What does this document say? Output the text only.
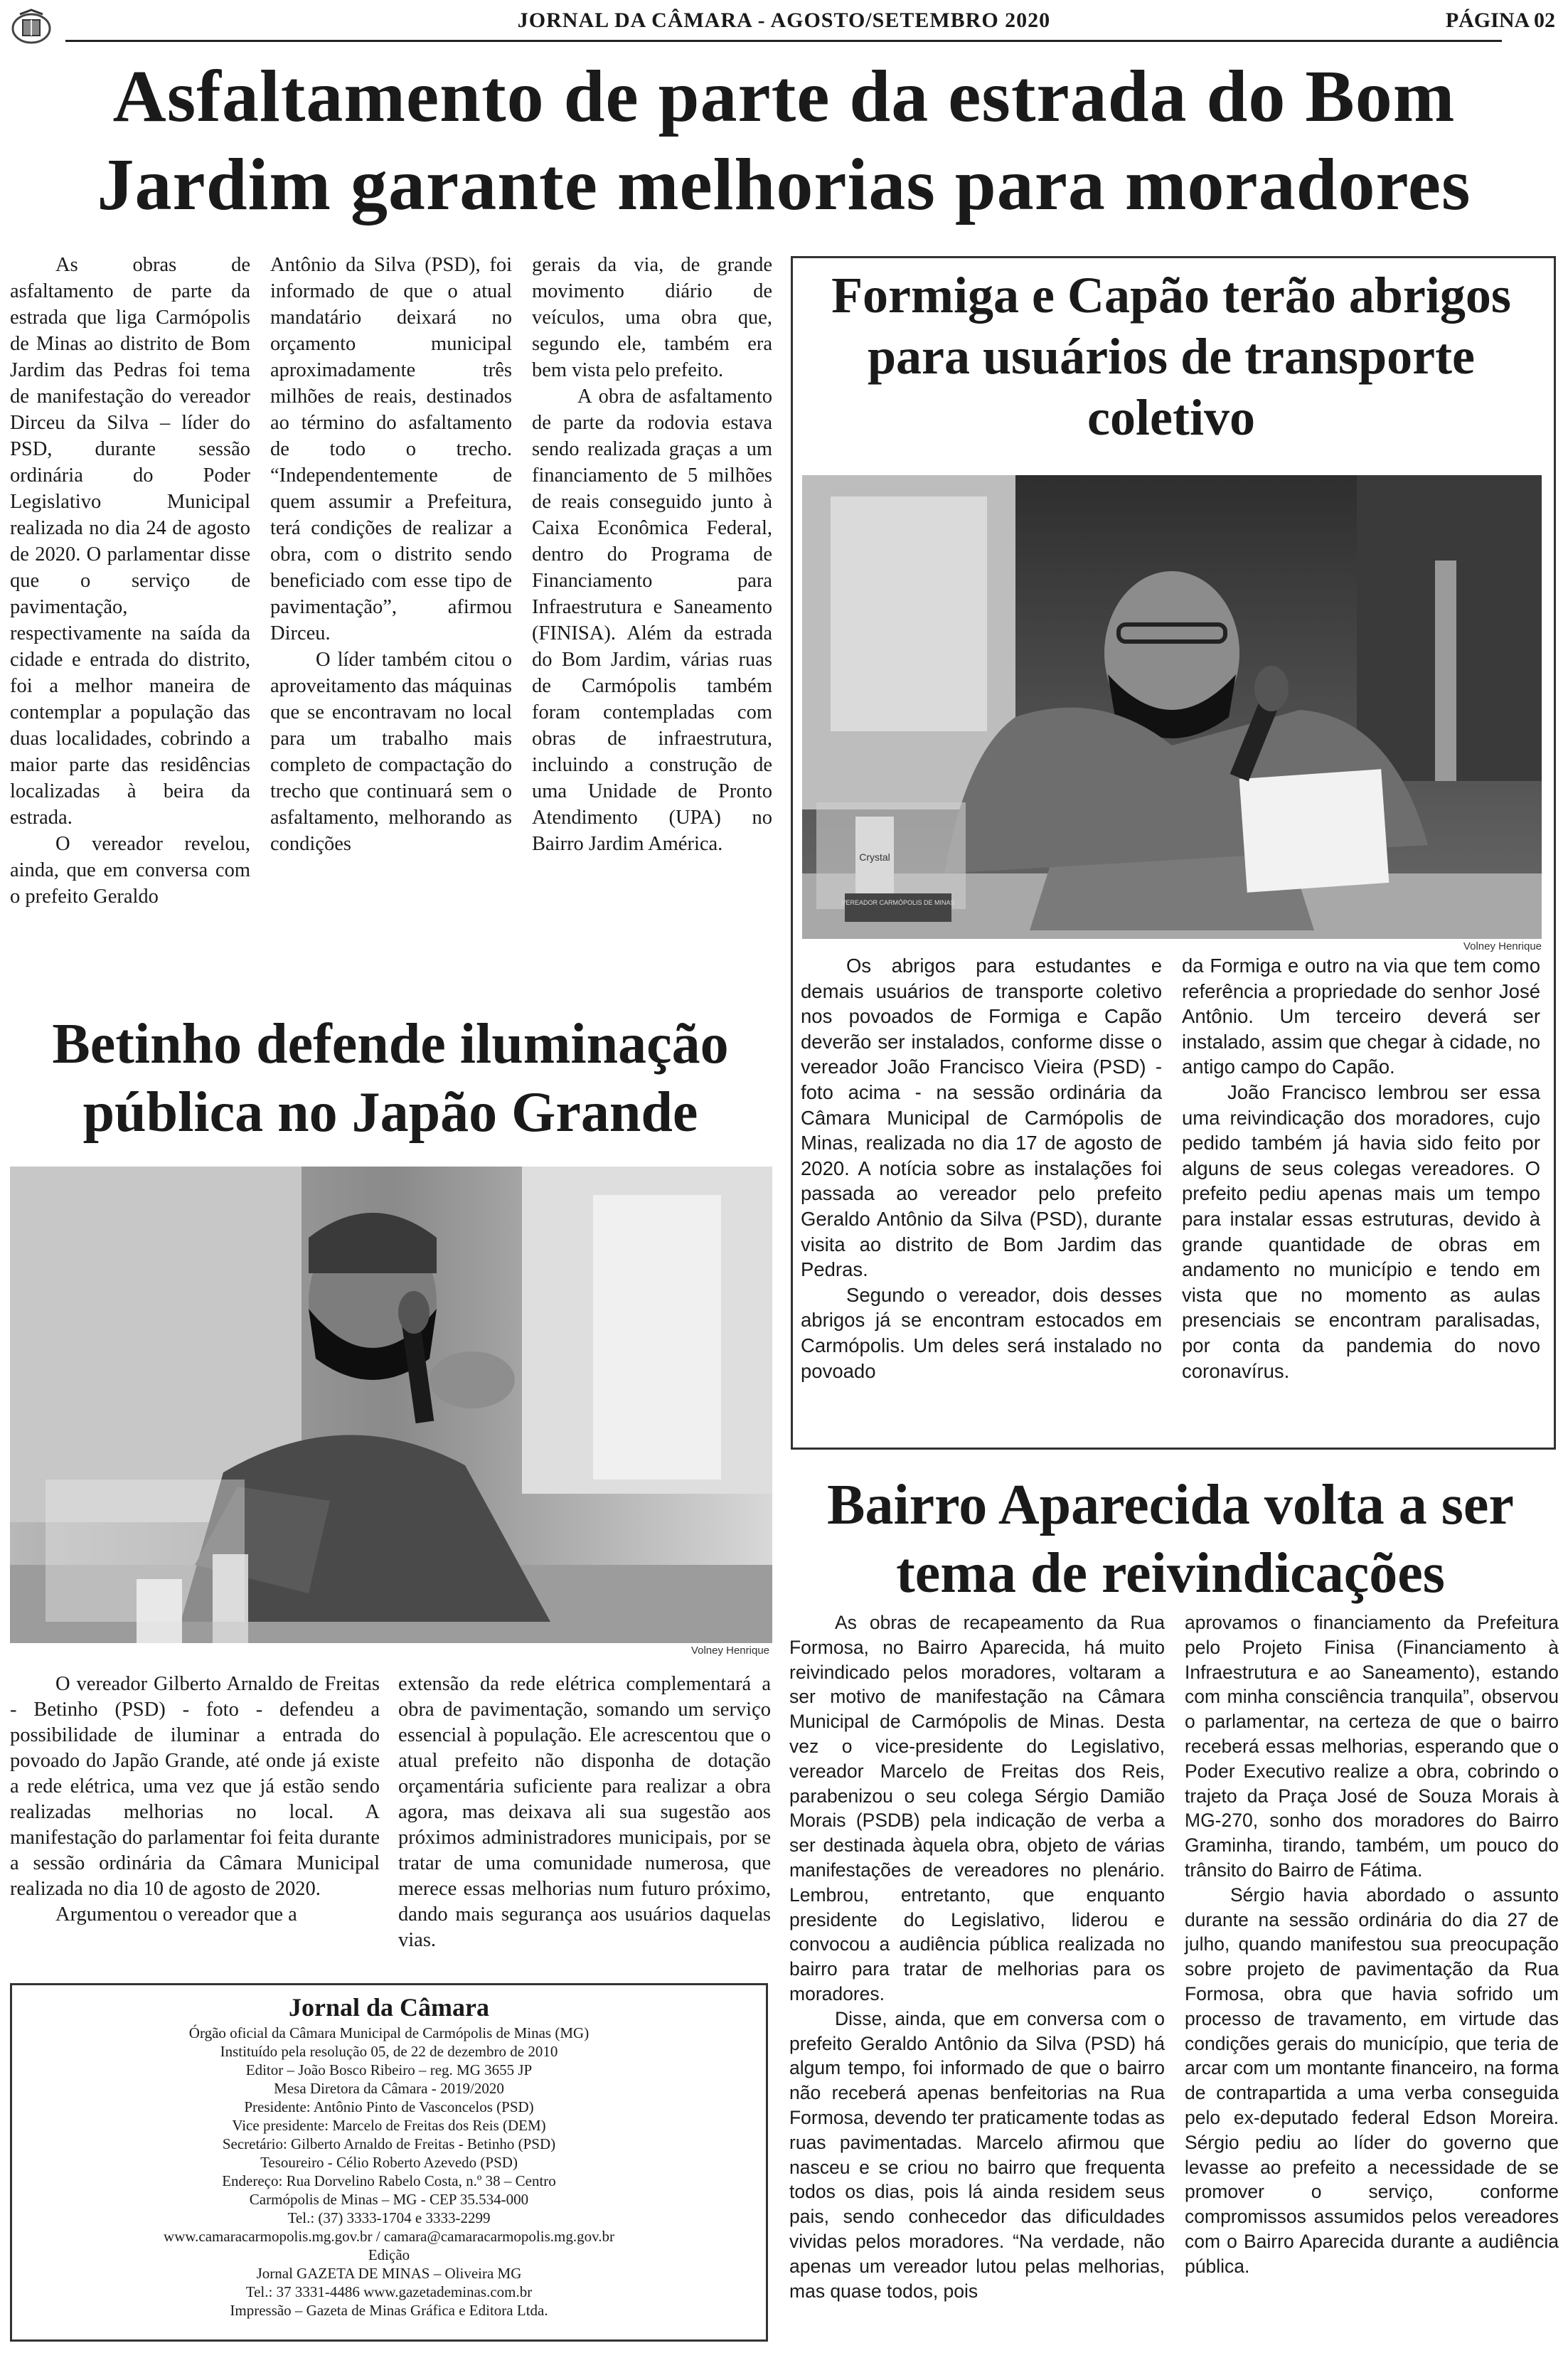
JORNAL DA CÂMARA - AGOSTO/SETEMBRO 2020	PÁGINA 02
Asfaltamento de parte da estrada do Bom Jardim garante melhorias para moradores

As obras de asfaltamento de parte da estrada que liga Carmópolis de Minas ao distrito de Bom Jardim das Pedras foi tema de manifestação do vereador Dirceu da Silva – líder do PSD, durante sessão ordinária do Poder Legislativo Municipal realizada no dia 24 de agosto de 2020. O parlamentar disse que o serviço de pavimentação, respectivamente na saída da cidade e entrada do distrito, foi a melhor maneira de contemplar a população das duas localidades, cobrindo a maior parte das residências localizadas à beira da estrada.

O vereador revelou, ainda, que em conversa com o prefeito Geraldo

Antônio da Silva (PSD), foi informado de que o atual mandatário deixará no orçamento municipal aproximadamente três milhões de reais, destinados ao término do asfaltamento de todo o trecho. “Independentemente de quem assumir a Prefeitura, terá condições de realizar a obra, com o distrito sendo beneficiado com esse tipo de pavimentação”, afirmou Dirceu.

O líder também citou o aproveitamento das máquinas que se encontravam no local para um trabalho mais completo de compactação do trecho que continuará sem o asfaltamento, melhorando as condições

gerais da via, de grande movimento diário de veículos, uma obra que, segundo ele, também era bem vista pelo prefeito.

A obra de asfaltamento de parte da rodovia estava sendo realizada graças a um financiamento de 5 milhões de reais conseguido junto à Caixa Econômica Federal, dentro do Programa de Financiamento para Infraestrutura e Saneamento (FINISA). Além da estrada do Bom Jardim, várias ruas de Carmópolis também foram contempladas com obras de infraestrutura, incluindo a construção de uma Unidade de Pronto Atendimento (UPA) no Bairro Jardim América.

Formiga e Capão terão abrigos para usuários de transporte coletivo
VEREADOR CARMÓPOLIS DE MINAS
Crystal
Volney Henrique

Os abrigos para estudantes e demais usuários de transporte coletivo nos povoados de Formiga e Capão deverão ser instalados, conforme disse o vereador João Francisco Vieira (PSD) - foto acima - na sessão ordinária da Câmara Municipal de Carmópolis de Minas, realizada no dia 17 de agosto de 2020. A notícia sobre as instalações foi passada ao vereador pelo prefeito Geraldo Antônio da Silva (PSD), durante visita ao distrito de Bom Jardim das Pedras.

Segundo o vereador, dois desses abrigos já se encontram estocados em Carmópolis. Um deles será instalado no povoado

da Formiga e outro na via que tem como referência a propriedade do senhor José Antônio. Um terceiro deverá ser instalado, assim que chegar à cidade, no antigo campo do Capão.

João Francisco lembrou ser essa uma reivindicação dos moradores, cujo pedido também já havia sido feito por alguns de seus colegas vereadores. O prefeito pediu apenas mais um tempo para instalar essas estruturas, devido à grande quantidade de obras em andamento no município e tendo em vista que no momento as aulas presenciais se encontram paralisadas, por conta da pandemia do novo coronavírus.

Betinho defende iluminação pública no Japão Grande
Volney Henrique

O vereador Gilberto Arnaldo de Freitas - Betinho (PSD) - foto - defendeu a possibilidade de iluminar a entrada do povoado do Japão Grande, até onde já existe a rede elétrica, uma vez que já estão sendo realizadas melhorias no local. A manifestação do parlamentar foi feita durante a sessão ordinária da Câmara Municipal realizada no dia 10 de agosto de 2020.

Argumentou o vereador que a

extensão da rede elétrica complementará a obra de pavimentação, somando um serviço essencial à população. Ele acrescentou que o atual prefeito não disponha de dotação orçamentária suficiente para realizar a obra agora, mas deixava ali sua sugestão aos próximos administradores municipais, por se tratar de uma comunidade numerosa, que merece essas melhorias num futuro próximo, dando mais segurança aos usuários daquelas vias.

Jornal da Câmara
Órgão oficial da Câmara Municipal de Carmópolis de Minas (MG)
Instituído pela resolução 05, de 22 de dezembro de 2010
Editor – João Bosco Ribeiro – reg. MG 3655 JP
Mesa Diretora da Câmara - 2019/2020
Presidente: Antônio Pinto de Vasconcelos (PSD)
Vice presidente: Marcelo de Freitas dos Reis (DEM)
Secretário: Gilberto Arnaldo de Freitas - Betinho (PSD)
Tesoureiro - Célio Roberto Azevedo (PSD)
Endereço: Rua Dorvelino Rabelo Costa, n.º 38 – Centro
Carmópolis de Minas – MG - CEP 35.534-000
Tel.: (37) 3333-1704 e 3333-2299
www.camaracarmopolis.mg.gov.br / camara@camaracarmopolis.mg.gov.br
Edição
Jornal GAZETA DE MINAS – Oliveira MG
Tel.: 37 3331-4486 www.gazetademinas.com.br
Impressão – Gazeta de Minas Gráfica e Editora Ltda.
Bairro Aparecida volta a ser tema de reivindicações

As obras de recapeamento da Rua Formosa, no Bairro Aparecida, há muito reivindicado pelos moradores, voltaram a ser motivo de manifestação na Câmara Municipal de Carmópolis de Minas. Desta vez o vice-presidente do Legislativo, vereador Marcelo de Freitas dos Reis, parabenizou o seu colega Sérgio Damião Morais (PSDB) pela indicação de verba a ser destinada àquela obra, objeto de várias manifestações de vereadores no plenário. Lembrou, entretanto, que enquanto presidente do Legislativo, liderou e convocou a audiência pública realizada no bairro para tratar de melhorias para os moradores.

Disse, ainda, que em conversa com o prefeito Geraldo Antônio da Silva (PSD) há algum tempo, foi informado de que o bairro não receberá apenas benfeitorias na Rua Formosa, devendo ter praticamente todas as ruas pavimentadas. Marcelo afirmou que nasceu e se criou no bairro que frequenta todos os dias, pois lá ainda residem seus pais, sendo conhecedor das dificuldades vividas pelos moradores. “Na verdade, não apenas um vereador lutou pelas melhorias, mas quase todos, pois

aprovamos o financiamento da Prefeitura pelo Projeto Finisa (Financiamento à Infraestrutura e ao Saneamento), estando com minha consciência tranquila”, observou o parlamentar, na certeza de que o bairro receberá essas melhorias, esperando que o Poder Executivo realize a obra, cobrindo o trajeto da Praça José de Souza Morais à MG-270, sonho dos moradores do Bairro Graminha, tirando, também, um pouco do trânsito do Bairro de Fátima.

Sérgio havia abordado o assunto durante na sessão ordinária do dia 27 de julho, quando manifestou sua preocupação sobre projeto de pavimentação da Rua Formosa, obra que havia sofrido um processo de travamento, em virtude das condições gerais do município, que teria de arcar com um montante financeiro, na forma de contrapartida a uma verba conseguida pelo ex-deputado federal Edson Moreira. Sérgio pediu ao líder do governo que levasse ao prefeito a necessidade de se promover o serviço, conforme compromissos assumidos pelos vereadores com o Bairro Aparecida durante a audiência pública.
